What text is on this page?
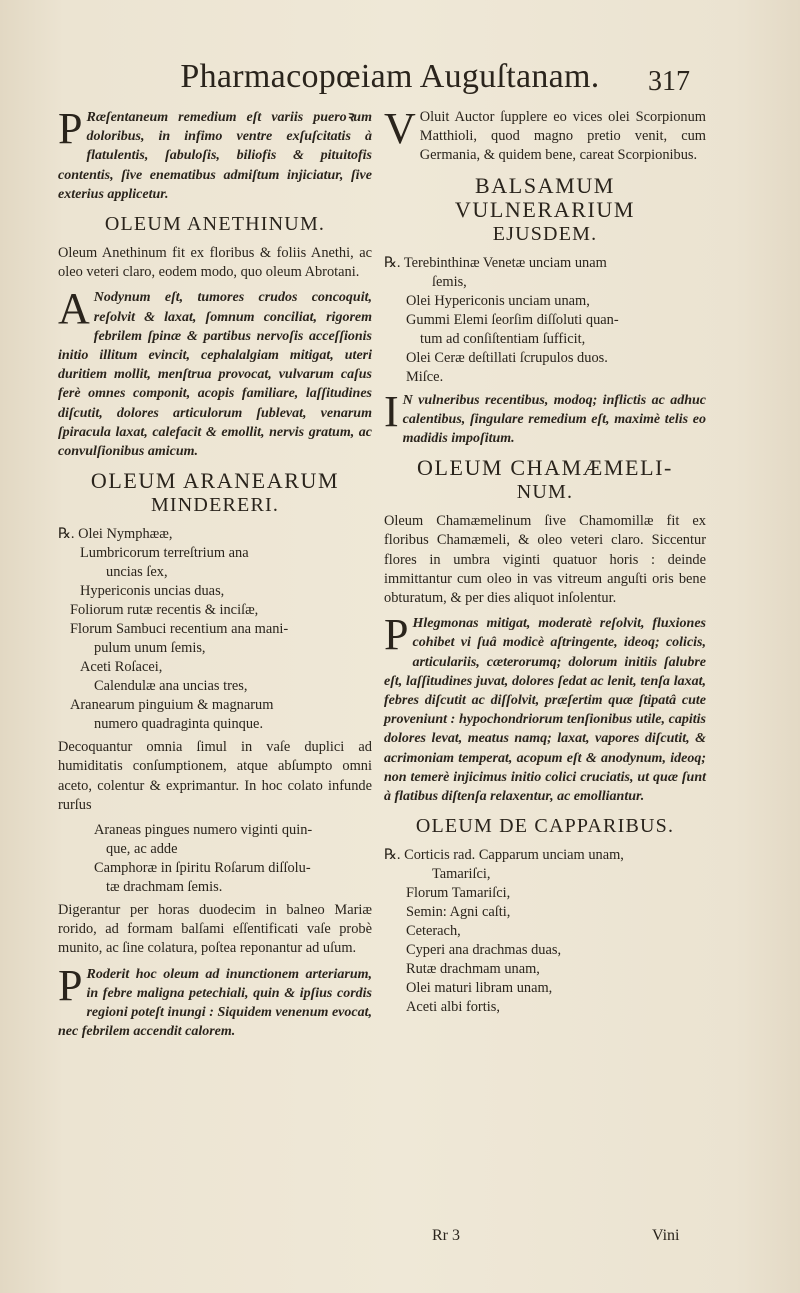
Pharmacopœiam Auguſtanam.	317

P Ræſentaneum remedium eſt variis pueroꝛum doloribus, in infimo ventre exſuſcitatis à flatulentis, ſabuloſis, biliofis & pituitofis contentis, ſive enematibus admiſtum injiciatur, ſive exterius applicetur.

OLEUM ANETHINUM.

Oleum Anethinum fit ex floribus & foliis Anethi, ac oleo veteri claro, eodem modo, quo oleum Abrotani.

A Nodynum eſt, tumores crudos concoquit, reſolvit & laxat, ſomnum conciliat, rigorem febrilem ſpinæ & partibus nervoſis acceſſionis initio illitum evincit, cephalalgiam mitigat, uteri duritiem mollit, menſtrua provocat, vulvarum caſus ferè omnes componit, acopis familiare, laſſitudines diſcutit, dolores articulorum ſublevat, venarum ſpiracula laxat, calefacit & emollit, nervis gratum, ac convulſionibus amicum.

OLEUM ARANEARUM
MINDERERI.
℞. Olei Nymphææ,
Lumbricorum terreſtrium ana
uncias ſex,
Hypericonis uncias duas,
Foliorum rutæ recentis & inciſæ,
Florum Sambuci recentium ana mani-
pulum unum ſemis,
Aceti Roſacei,
Calendulæ ana uncias tres,
Aranearum pinguium & magnarum
numero quadraginta quinque.

Decoquantur omnia ſimul in vaſe duplici ad humiditatis conſumptionem, atque abſumpto omni aceto, colentur & exprimantur. In hoc colato infunde rurſus

Araneas pingues numero viginti quin-
que, ac adde
Camphoræ in ſpiritu Roſarum diſſolu-
tæ drachmam ſemis.

Digerantur per horas duodecim in balneo Mariæ rorido, ad formam balſami eſſentificati vaſe probè munito, ac ſine colatura, poſtea reponantur ad uſum.

P Roderit hoc oleum ad inunctionem arteriarum, in febre maligna petechiali, quin & ipſius cordis regioni poteſt inungi : Siquidem venenum evocat, nec febrilem accendit calorem.

V Oluit Auctor ſupplere eo vices olei Scorpionum Matthioli, quod magno pretio venit, cum Germania, & quidem bene, careat Scorpionibus.

BALSAMUM VULNERARIUM
EJUSDEM.
℞. Terebinthinæ Venetæ unciam unam
ſemis,
Olei Hypericonis unciam unam,
Gummi Elemi ſeorſim diſſoluti quan-
tum ad conſiſtentiam ſufficit,
Olei Ceræ deſtillati ſcrupulos duos.
Miſce.

I N vulneribus recentibus, modoq; inflictis ac adhuc calentibus, ſingulare remedium eſt, maximè telis eo madidis impoſitum.

OLEUM CHAMÆMELI-
NUM.

Oleum Chamæmelinum ſive Chamomillæ fit ex floribus Chamæmeli, & oleo veteri claro. Siccentur flores in umbra viginti quatuor horis : deinde immittantur cum oleo in vas vitreum anguſti oris bene obturatum, & per dies aliquot inſolentur.

P Hlegmonas mitigat, moderatè reſolvit, fluxiones cohibet vi ſuâ modicè aſtringente, ideoq; colicis, articulariis, cæterorumq; dolorum initiis ſalubre eſt, laſſitudines juvat, dolores ſedat ac lenit, tenſa laxat, febres diſcutit ac diſſolvit, præſertim quæ ſtipatâ cute proveniunt : hypochondriorum tenſionibus utile, capitis dolores levat, meatus namq; laxat, vapores diſcutit, & acrimoniam temperat, acopum eſt & anodynum, ideoq; non temerè injicimus initio colici cruciatis, ut quæ ſunt à flatibus diſtenſa relaxentur, ac emolliantur.

OLEUM DE CAPPARIBUS.
℞. Corticis rad. Capparum unciam unam,
Tamariſci,
Florum Tamariſci,
Semin: Agni caſti,
Ceterach,
Cyperi ana drachmas duas,
Rutæ drachmam unam,
Olei maturi libram unam,
Aceti albi fortis,
Rr 3	Vini
